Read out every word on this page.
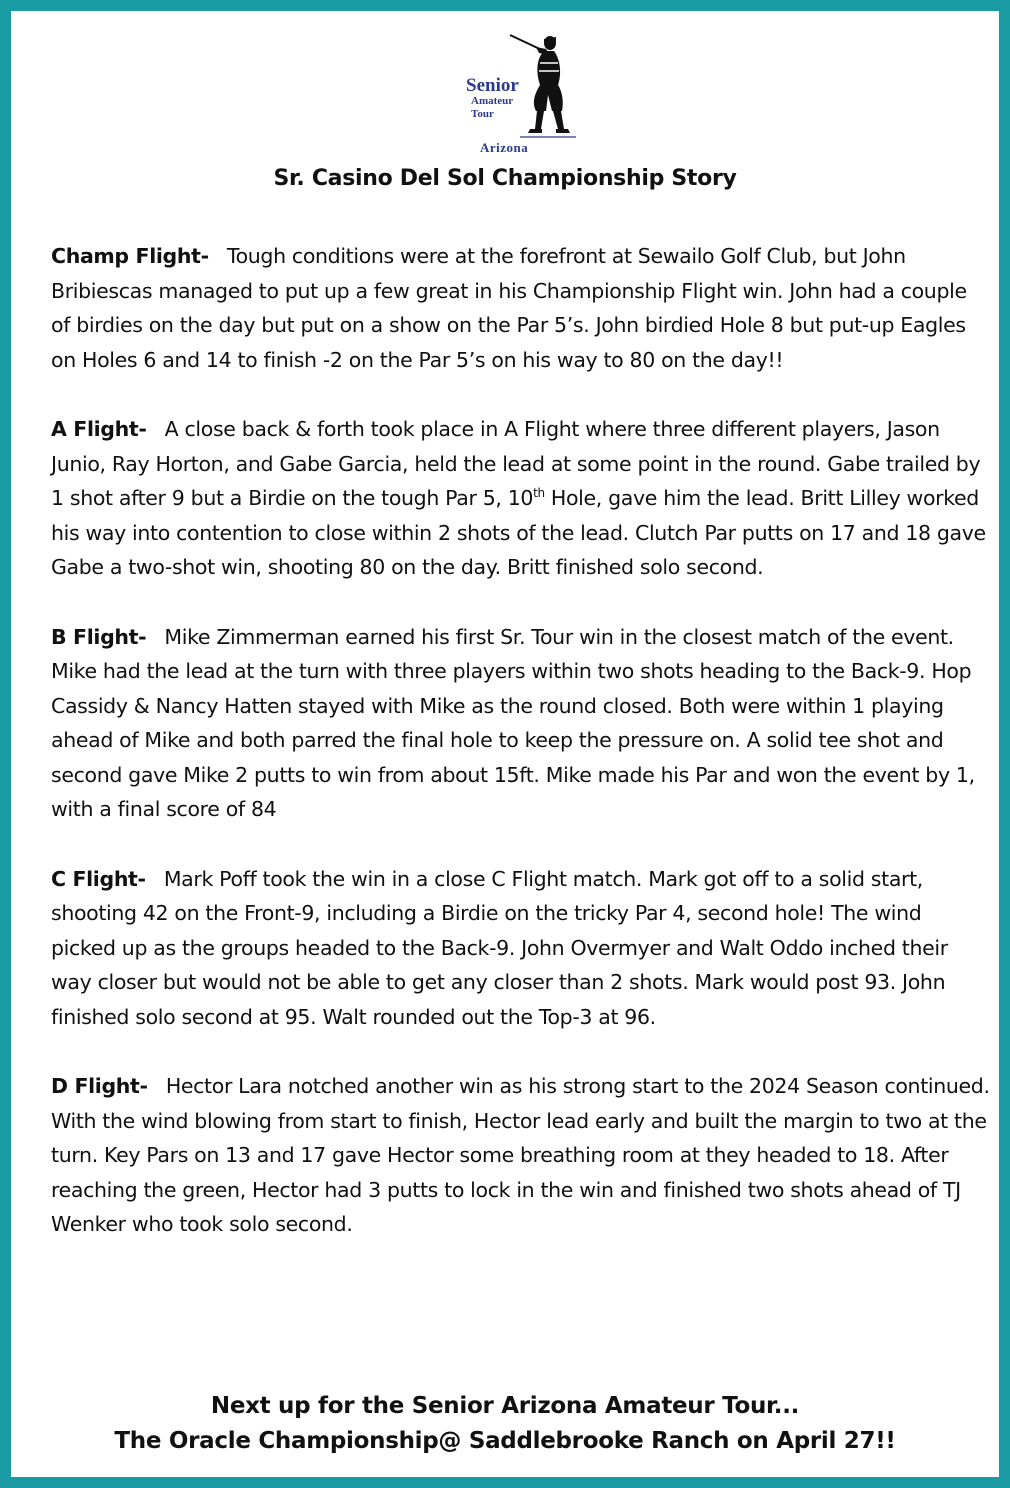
Senior
Amateur
Tour
Arizona
Sr. Casino Del Sol Championship Story

Champ Flight- Tough conditions were at the forefront at Sewailo Golf Club, but John Bribiescas managed to put up a few great in his Championship Flight win. John had a couple of birdies on the day but put on a show on the Par 5’s. John birdied Hole 8 but put-up Eagles on Holes 6 and 14 to finish -2 on the Par 5’s on his way to 80 on the day!!

A Flight- A close back & forth took place in A Flight where three different players, Jason Junio, Ray Horton, and Gabe Garcia, held the lead at some point in the round. Gabe trailed by 1 shot after 9 but a Birdie on the tough Par 5, 10th Hole, gave him the lead. Britt Lilley worked his way into contention to close within 2 shots of the lead. Clutch Par putts on 17 and 18 gave Gabe a two-shot win, shooting 80 on the day. Britt finished solo second.

B Flight- Mike Zimmerman earned his first Sr. Tour win in the closest match of the event. Mike had the lead at the turn with three players within two shots heading to the Back-9. Hop Cassidy & Nancy Hatten stayed with Mike as the round closed. Both were within 1 playing ahead of Mike and both parred the final hole to keep the pressure on. A solid tee shot and second gave Mike 2 putts to win from about 15ft. Mike made his Par and won the event by 1, with a final score of 84

C Flight- Mark Poff took the win in a close C Flight match. Mark got off to a solid start, shooting 42 on the Front-9, including a Birdie on the tricky Par 4, second hole! The wind picked up as the groups headed to the Back-9. John Overmyer and Walt Oddo inched their way closer but would not be able to get any closer than 2 shots. Mark would post 93. John finished solo second at 95. Walt rounded out the Top-3 at 96.

D Flight- Hector Lara notched another win as his strong start to the 2024 Season continued. With the wind blowing from start to finish, Hector lead early and built the margin to two at the turn. Key Pars on 13 and 17 gave Hector some breathing room at they headed to 18. After reaching the green, Hector had 3 putts to lock in the win and finished two shots ahead of TJ Wenker who took solo second.

Next up for the Senior Arizona Amateur Tour...
The Oracle Championship@ Saddlebrooke Ranch on April 27!!
